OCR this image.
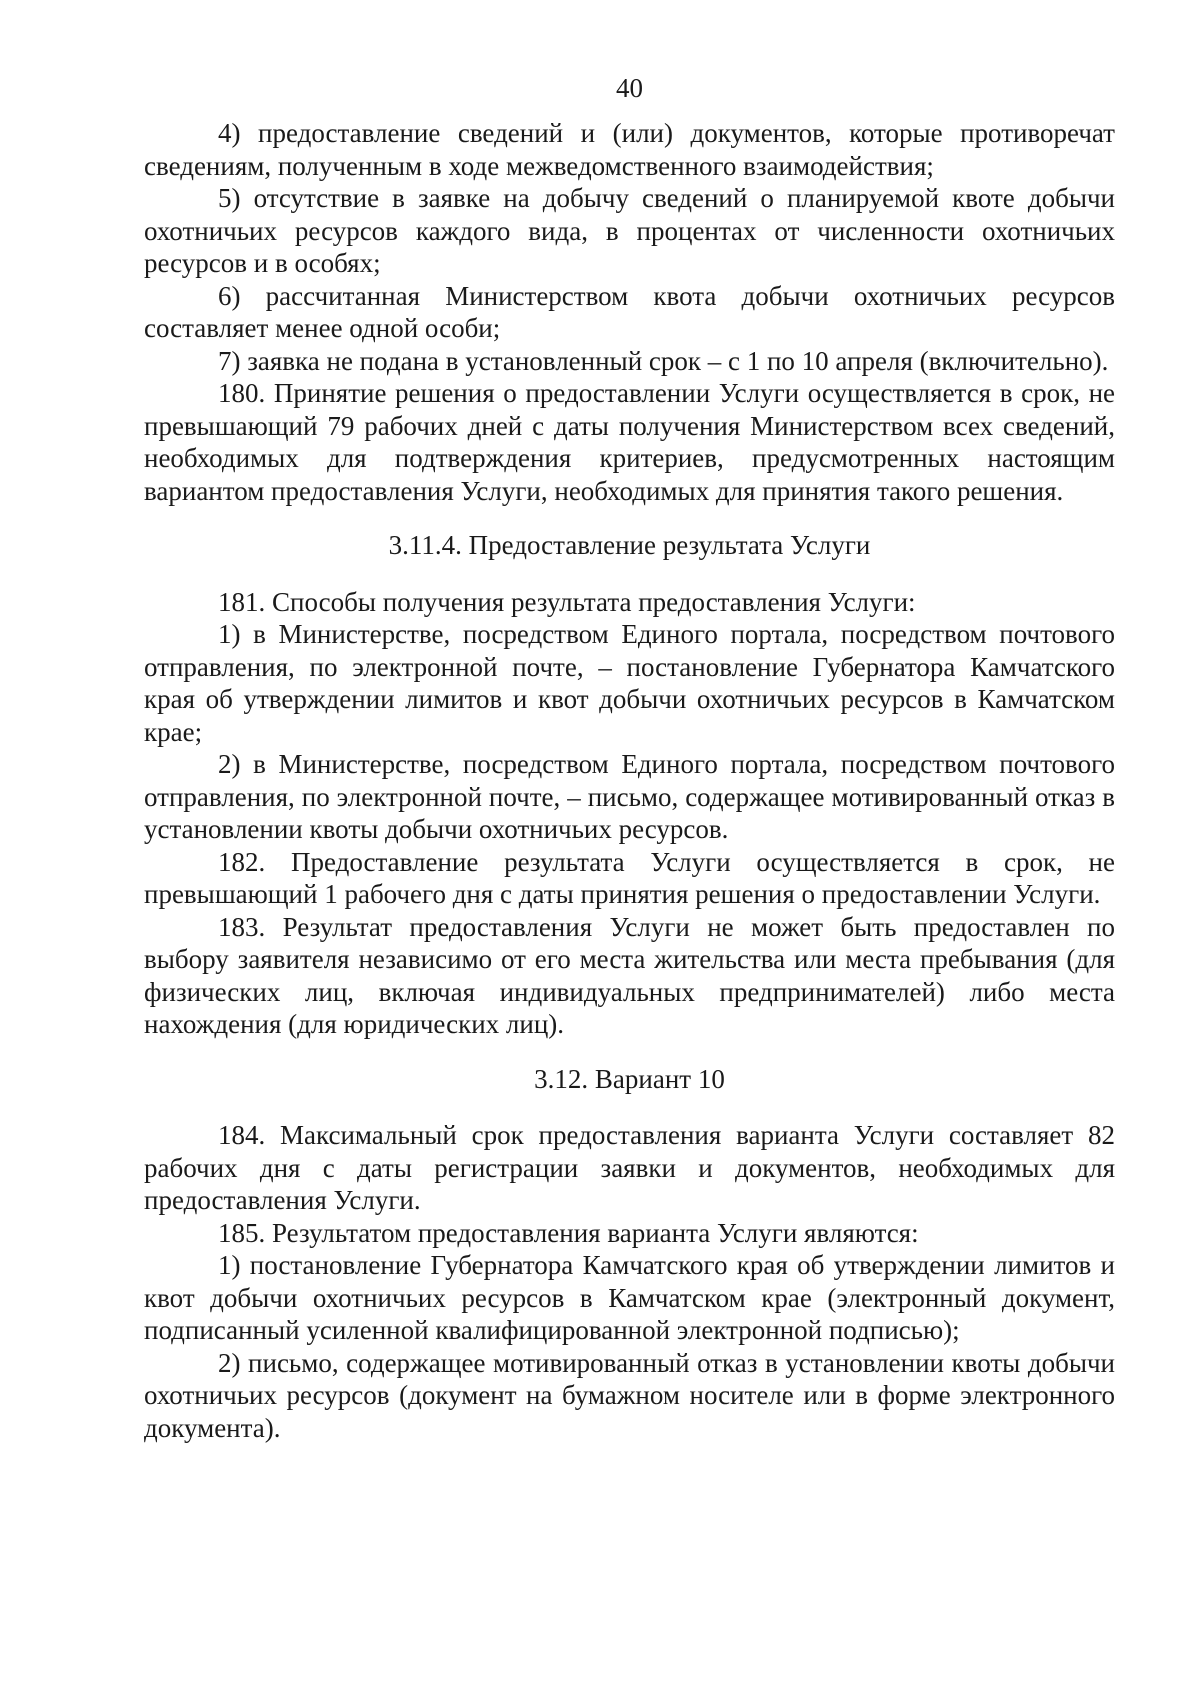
40

4) предоставление сведений и (или) документов, которые противоречат сведениям, полученным в ходе межведомственного взаимодействия;

5) отсутствие в заявке на добычу сведений о планируемой квоте добычи охотничьих ресурсов каждого вида, в процентах от численности охотничьих ресурсов и в особях;

6) рассчитанная Министерством квота добычи охотничьих ресурсов составляет менее одной особи;

7) заявка не подана в установленный срок – с 1 по 10 апреля (включительно).

180. Принятие решения о предоставлении Услуги осуществляется в срок, не превышающий 79 рабочих дней с даты получения Министерством всех сведений, необходимых для подтверждения критериев, предусмотренных настоящим вариантом предоставления Услуги, необходимых для принятия такого решения.

3.11.4. Предоставление результата Услуги

181. Способы получения результата предоставления Услуги:

1) в Министерстве, посредством Единого портала, посредством почтового отправления, по электронной почте, – постановление Губернатора Камчатского края об утверждении лимитов и квот добычи охотничьих ресурсов в Камчатском крае;

2) в Министерстве, посредством Единого портала, посредством почтового отправления, по электронной почте, – письмо, содержащее мотивированный отказ в установлении квоты добычи охотничьих ресурсов.

182. Предоставление результата Услуги осуществляется в срок, не превышающий 1 рабочего дня с даты принятия решения о предоставлении Услуги.

183. Результат предоставления Услуги не может быть предоставлен по выбору заявителя независимо от его места жительства или места пребывания (для физических лиц, включая индивидуальных предпринимателей) либо места нахождения (для юридических лиц).

3.12. Вариант 10

184. Максимальный срок предоставления варианта Услуги составляет 82 рабочих дня с даты регистрации заявки и документов, необходимых для предоставления Услуги.

185. Результатом предоставления варианта Услуги являются:

1) постановление Губернатора Камчатского края об утверждении лимитов и квот добычи охотничьих ресурсов в Камчатском крае (электронный документ, подписанный усиленной квалифицированной электронной подписью);

2) письмо, содержащее мотивированный отказ в установлении квоты добычи охотничьих ресурсов (документ на бумажном носителе или в форме электронного документа).
